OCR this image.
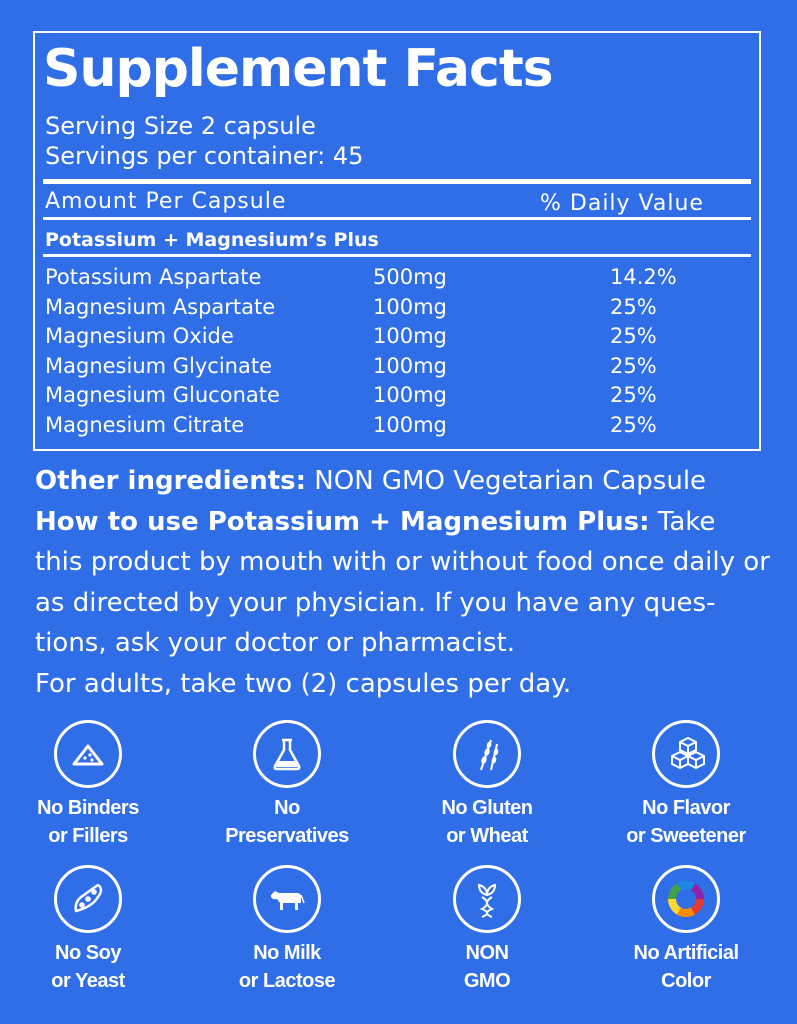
Supplement Facts
Serving Size 2 capsule
Servings per container: 45
Amount Per Capsule	% Daily Value
Potassium + Magnesium’s Plus
Potassium Aspartate	500mg	14.2%
Magnesium Aspartate	100mg	25%
Magnesium Oxide	100mg	25%
Magnesium Glycinate	100mg	25%
Magnesium Gluconate	100mg	25%
Magnesium Citrate	100mg	25%

Other ingredients: NON GMO Vegetarian Capsule

How to use Potassium + Magnesium Plus: Take this product by mouth with or without food once daily or as directed by your physician. If you have any ques-tions, ask your doctor or pharmacist.

For adults, take two (2) capsules per day.

No Binders
or Fillers
No
Preservatives
No Gluten
or Wheat
No Flavor
or Sweetener
No Soy
or Yeast
No Milk
or Lactose
NON
GMO
No Artificial
Color
